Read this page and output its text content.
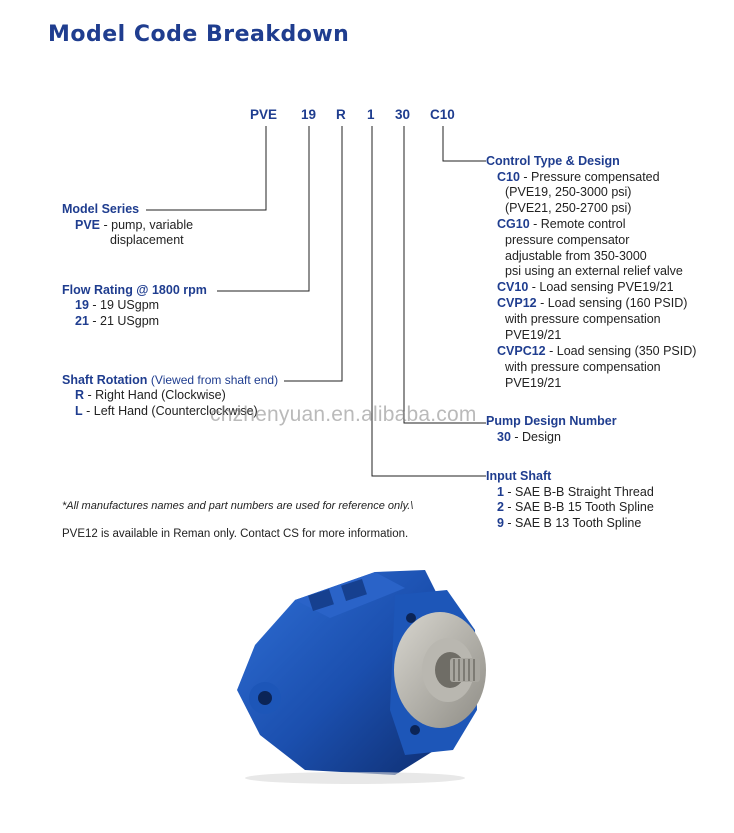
Model Code Breakdown
PVE 19 R 1 30 C10
Model Series
PVE - pump, variable
displacement
Flow Rating @ 1800 rpm
19 - 19 USgpm
21 - 21 USgpm
Shaft Rotation (Viewed from shaft end)
R - Right Hand (Clockwise)
L - Left Hand (Counterclockwise)
Control Type & Design
C10 - Pressure compensated
(PVE19, 250-3000 psi)
(PVE21, 250-2700 psi)
CG10 - Remote control
pressure compensator
adjustable from 350-3000
psi using an external relief valve
CV10 - Load sensing PVE19/21
CVP12 - Load sensing (160 PSID)
with pressure compensation
PVE19/21
CVPC12 - Load sensing (350 PSID)
with pressure compensation
PVE19/21
Pump Design Number
30 - Design
Input Shaft
1 - SAE B-B Straight Thread
2 - SAE B-B 15 Tooth Spline
9 - SAE B 13 Tooth Spline
*All manufactures names and part numbers are used for reference only.\
PVE12 is available in Reman only. Contact CS for more information.
chzhenyuan.en.alibaba.com
